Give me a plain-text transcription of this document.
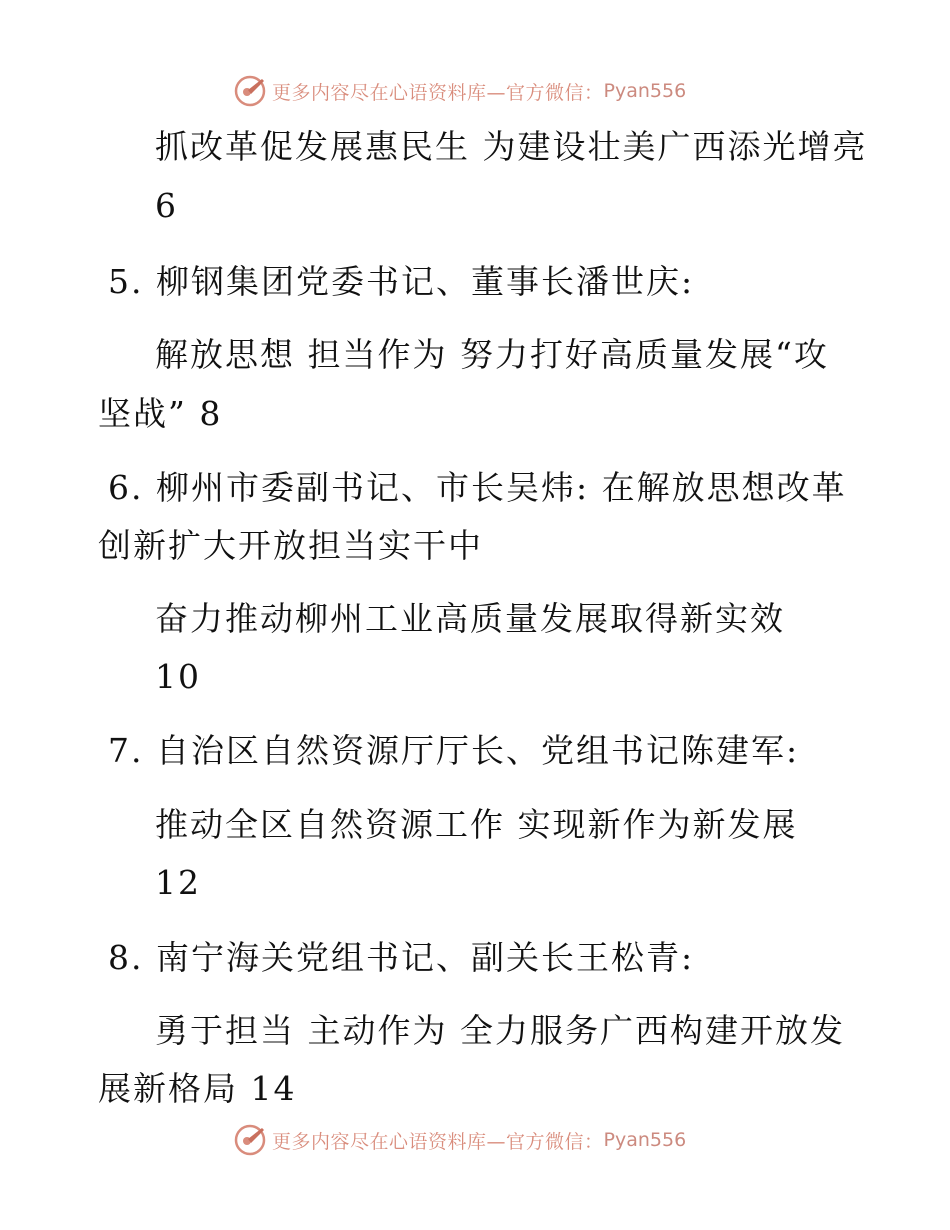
更多内容尽在心语资料库—官方微信： Pyan556
抓改革促发展惠民生 为建设壮美广西添光增亮
6
5. 柳钢集团党委书记、董事长潘世庆:
解放思想 担当作为 努力打好高质量发展“攻
坚战” 8
6. 柳州市委副书记、市长吴炜: 在解放思想改革
创新扩大开放担当实干中
奋力推动柳州工业高质量发展取得新实效
10
7. 自治区自然资源厅厅长、党组书记陈建军:
推动全区自然资源工作 实现新作为新发展
12
8. 南宁海关党组书记、副关长王松青:
勇于担当 主动作为 全力服务广西构建开放发
展新格局 14
更多内容尽在心语资料库—官方微信： Pyan556
